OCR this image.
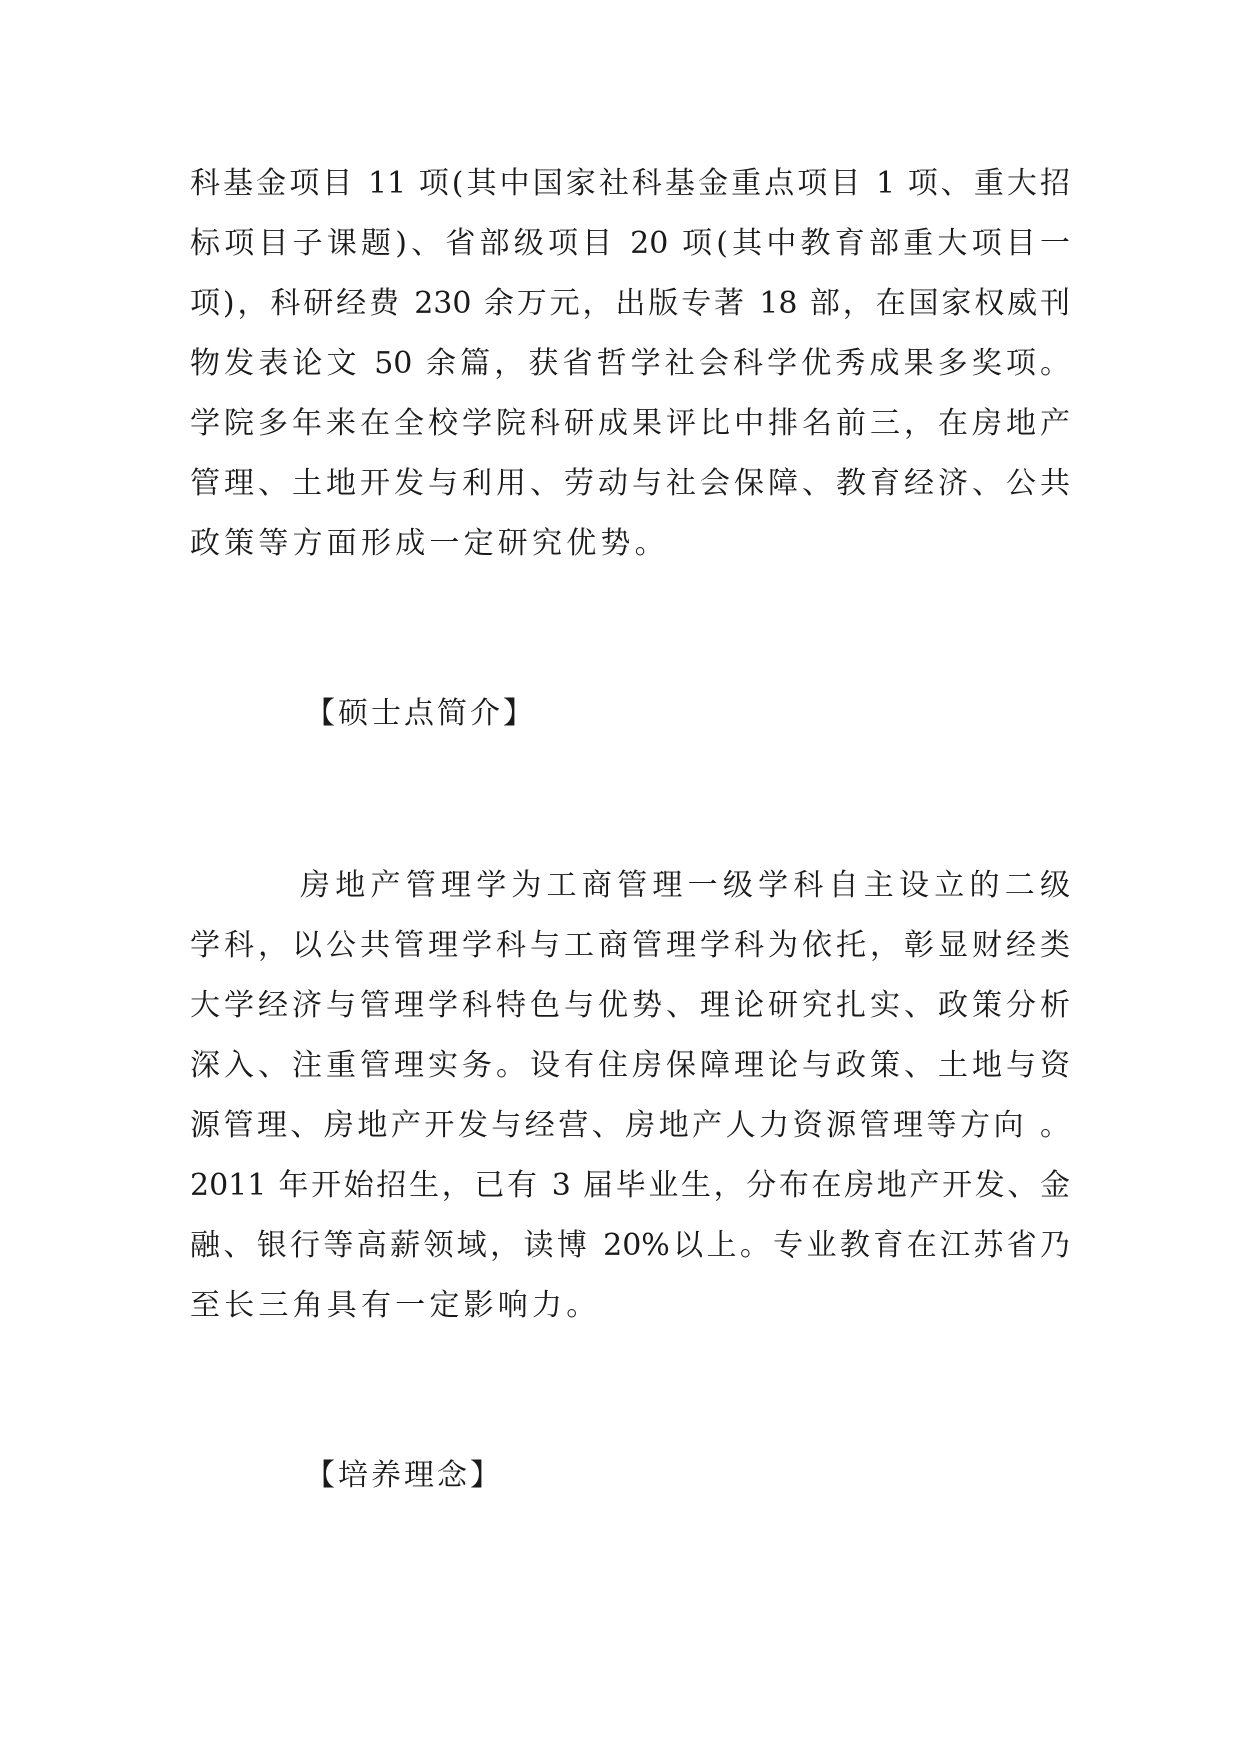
科基金项目 11 项(其中国家社科基金重点项目 1 项、重大招
标项目子课题)、省部级项目 20 项(其中教育部重大项目一
项)，科研经费 230 余万元，出版专著 18 部，在国家权威刊
物发表论文 50 余篇，获省哲学社会科学优秀成果多奖项。
学院多年来在全校学院科研成果评比中排名前三，在房地产
管理、土地开发与利用、劳动与社会保障、教育经济、公共
政策等方面形成一定研究优势。
【硕士点简介】
房地产管理学为工商管理一级学科自主设立的二级
学科，以公共管理学科与工商管理学科为依托，彰显财经类
大学经济与管理学科特色与优势、理论研究扎实、政策分析
深入、注重管理实务。设有住房保障理论与政策、土地与资
源管理、房地产开发与经营、房地产人力资源管理等方向 。
2011 年开始招生，已有 3 届毕业生，分布在房地产开发、金
融、银行等高薪领域，读博 20%以上。专业教育在江苏省乃
至长三角具有一定影响力。
【培养理念】
